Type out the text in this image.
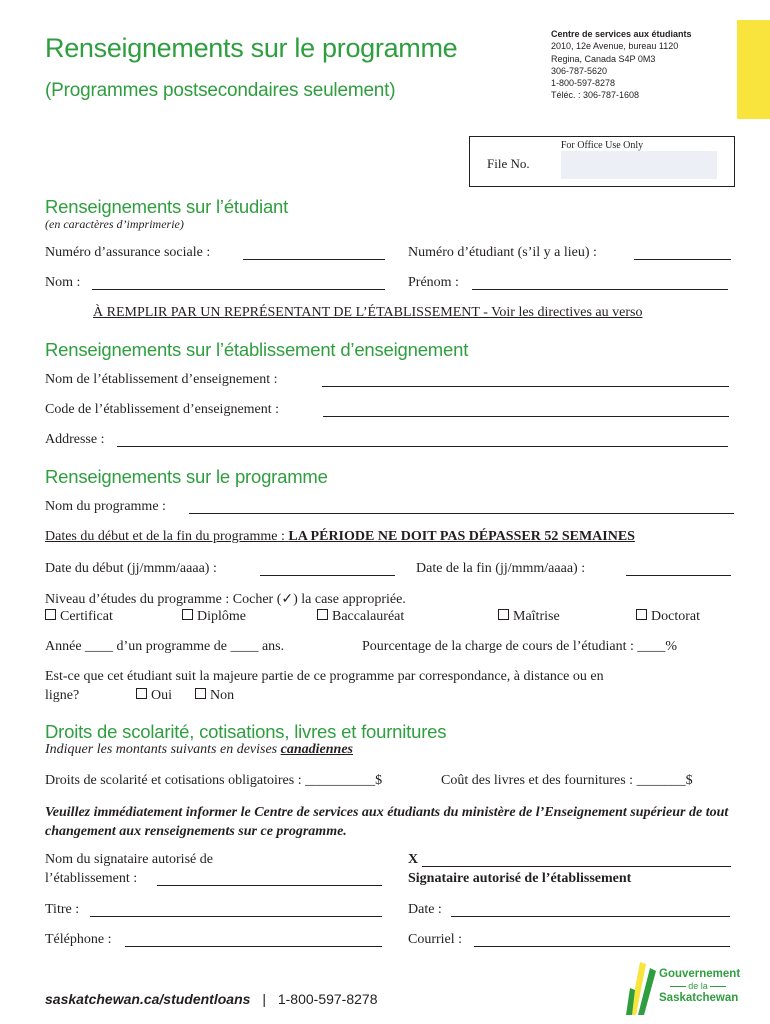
Renseignements sur le programme
(Programmes postsecondaires seulement)
Centre de services aux étudiants
2010, 12e Avenue, bureau 1120
Regina, Canada S4P 0M3
306-787-5620
1-800-597-8278
Téléc. : 306-787-1608
For Office Use Only
File No.
Renseignements sur l’étudiant
(en caractères d’imprimerie)
Numéro d’assurance sociale :	Numéro d’étudiant (s’il y a lieu) :
Nom :	Prénom :
À REMPLIR PAR UN REPRÉSENTANT DE L’ÉTABLISSEMENT - Voir les directives au verso
Renseignements sur l’établissement d’enseignement
Nom de l’établissement d’enseignement :
Code de l’établissement d’enseignement :
Addresse :
Renseignements sur le programme
Nom du programme :
Dates du début et de la fin du programme : LA PÉRIODE NE DOIT PAS DÉPASSER 52 SEMAINES
Date du début (jj/mmm/aaaa) :	Date de la fin (jj/mmm/aaaa) :
Niveau d’études du programme : Cocher (✓) la case appropriée.
Certificat	Diplôme	Baccalauréat	Maîtrise	Doctorat
Année ____ d’un programme de ____ ans.	Pourcentage de la charge de cours de l’étudiant : ____%
Est-ce que cet étudiant suit la majeure partie de ce programme par correspondance, à distance ou en
ligne?	Oui	Non
Droits de scolarité, cotisations, livres et fournitures
Indiquer les montants suivants en devises canadiennes
Droits de scolarité et cotisations obligatoires : __________$	Coût des livres et des fournitures : _______$
Veuillez immédiatement informer le Centre de services aux étudiants du ministère de l’Enseignement supérieur de tout changement aux renseignements sur ce programme.
Nom du signataire autorisé de
l’établissement :
X
Signataire autorisé de l’établissement
Titre :	Date :
Téléphone :	Courriel :
saskatchewan.ca/studentloans | 1-800-597-8278
Gouvernement
de la
Saskatchewan
